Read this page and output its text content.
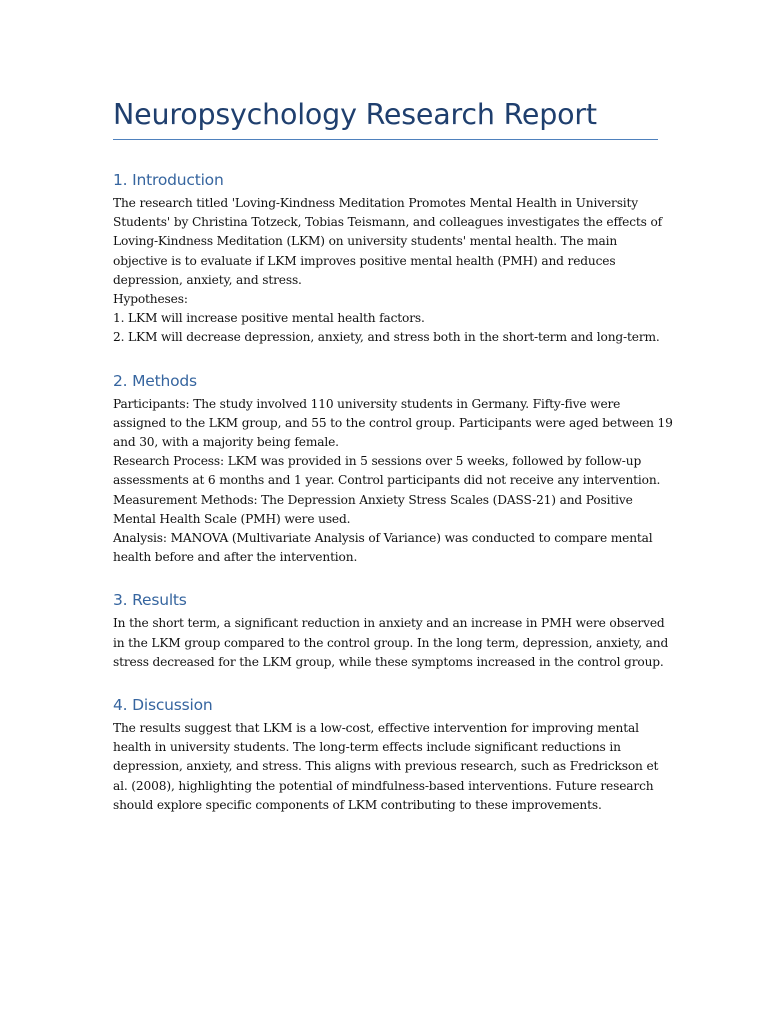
Neuropsychology Research Report
1. Introduction

The research titled 'Loving-Kindness Meditation Promotes Mental Health in University
Students' by Christina Totzeck, Tobias Teismann, and colleagues investigates the effects of
Loving-Kindness Meditation (LKM) on university students' mental health. The main
objective is to evaluate if LKM improves positive mental health (PMH) and reduces
depression, anxiety, and stress.
Hypotheses:
1. LKM will increase positive mental health factors.
2. LKM will decrease depression, anxiety, and stress both in the short-term and long-term.

2. Methods

Participants: The study involved 110 university students in Germany. Fifty-five were
assigned to the LKM group, and 55 to the control group. Participants were aged between 19
and 30, with a majority being female.
Research Process: LKM was provided in 5 sessions over 5 weeks, followed by follow-up
assessments at 6 months and 1 year. Control participants did not receive any intervention.
Measurement Methods: The Depression Anxiety Stress Scales (DASS-21) and Positive
Mental Health Scale (PMH) were used.
Analysis: MANOVA (Multivariate Analysis of Variance) was conducted to compare mental
health before and after the intervention.

3. Results

In the short term, a significant reduction in anxiety and an increase in PMH were observed
in the LKM group compared to the control group. In the long term, depression, anxiety, and
stress decreased for the LKM group, while these symptoms increased in the control group.

4. Discussion

The results suggest that LKM is a low-cost, effective intervention for improving mental
health in university students. The long-term effects include significant reductions in
depression, anxiety, and stress. This aligns with previous research, such as Fredrickson et
al. (2008), highlighting the potential of mindfulness-based interventions. Future research
should explore specific components of LKM contributing to these improvements.
